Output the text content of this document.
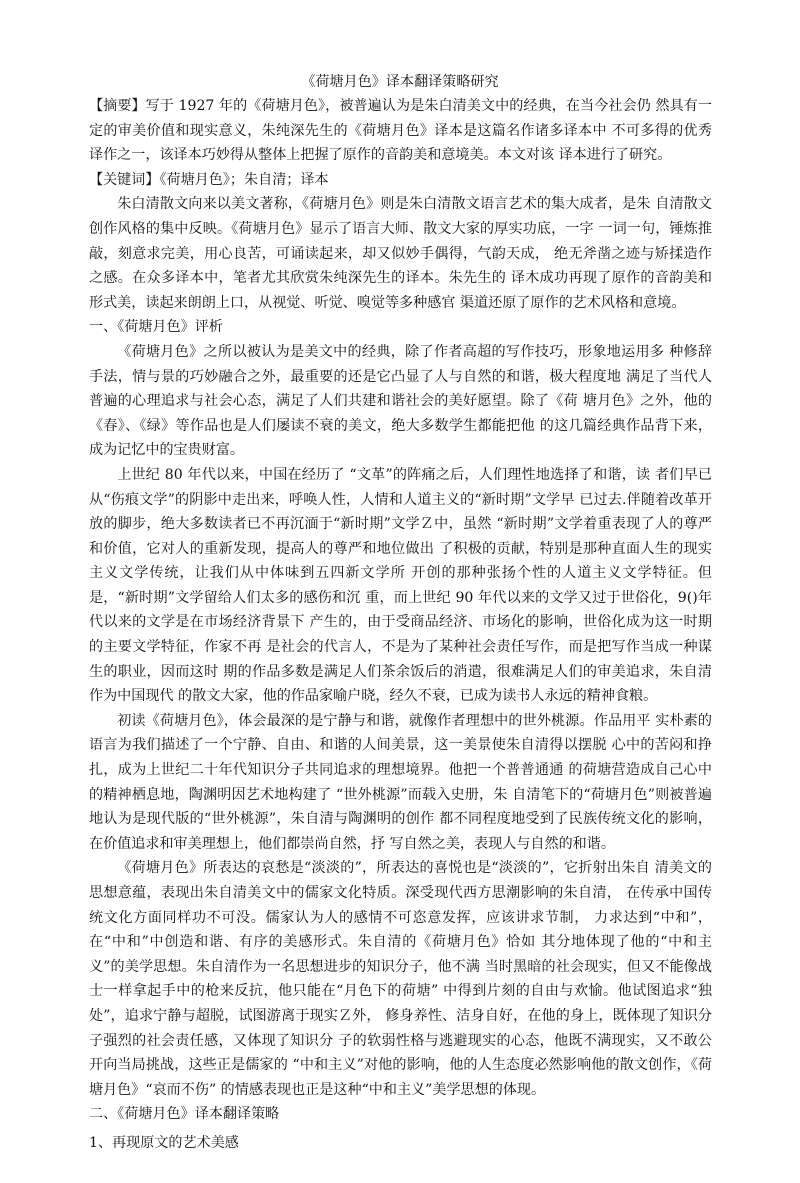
《荷塘月色》译本翻译策略研究

【摘要】写于 1927 年的《荷塘月色》，被普遍认为是朱白清美文中的经典，在当今社会仍 然具有一定的审美价值和现实意义，朱纯深先生的《荷塘月色》译本是这篇名作诸多译本中 不可多得的优秀译作之一，该译本巧妙得从整体上把握了原作的音韵美和意境美。本文对该 译本进行了研究。

【关键词】《荷塘月色》；朱自清；译本

朱白清散文向来以美文著称，《荷塘月色》则是朱白清散文语言艺术的集大成者，是朱 自清散文创作风格的集中反映。《荷塘月色》显示了语言大师、散文大家的厚实功底，一字 一词一句，锤炼推敲，刻意求完美，用心良苦，可诵读起来，却又似妙手偶得，气韵天成， 绝无斧凿之迹与矫揉造作之感。在众多译本中，笔者尤其欣赏朱纯深先生的译本。朱先生的 译木成功再现了原作的音韵美和形式美，读起来朗朗上口，从视觉、听觉、嗅觉等多种感官 渠道还原了原作的艺术风格和意境。

一、《荷塘月色》评析

《荷塘月色》之所以被认为是美文中的经典，除了作者高超的写作技巧，形象地运用多 种修辞手法，情与景的巧妙融合之外，最重要的还是它凸显了人与自然的和谐，极大程度地 满足了当代人普遍的心理追求与社会心态，满足了人们共建和谐社会的美好愿望。除了《荷 塘月色》之外，他的《春》、《绿》等作品也是人们屡读不衰的美文，绝大多数学生都能把他 的这几篇经典作品背下来，成为记忆中的宝贵财富。

上世纪 80 年代以来，中国在经历了 “文革”的阵痛之后，人们理性地选择了和谐，读 者们早已从“伤痕文学”的阴影中走出来，呼唤人性，人情和人道主义的“新时期”文学早 已过去.伴随着改革开放的脚步，绝大多数读者已不再沉湎于“新时期”文学Ｚ中，虽然 “新时期”文学着重表现了人的尊严和价值，它对人的重新发现，提高人的尊严和地位做出 了积极的贡献，特别是那种直面人生的现实主义文学传统，让我们从中体味到五四新文学所 开创的那种张扬个性的人道主义文学特征。但是，“新时期”文学留给人们太多的感伤和沉 重，而上世纪 90 年代以来的文学又过于世俗化，9()年代以来的文学是在市场经济背景下 产生的，由于受商品经济、市场化的影响，世俗化成为这一时期的主要文学特征，作家不再 是社会的代言人，不是为了某种社会责任写作，而是把写作当成一种谋生的职业，因而这时 期的作品多数是满足人们茶余饭后的消遣，很难满足人们的审美追求，朱自清作为中国现代 的散文大家，他的作品家喻户晓，经久不衰，已成为读书人永远的精神食粮。

初读《荷塘月色》，体会最深的是宁静与和谐，就像作者理想中的世外桃源。作品用平 实朴素的语言为我们描述了一个宁静、自由、和谐的人间美景，这一美景使朱自清得以摆脱 心中的苦闷和挣扎，成为上世纪二十年代知识分子共同追求的理想境界。他把一个普普通通 的荷塘营造成自己心中的精神栖息地，陶渊明因艺术地构建了 “世外桃源”而载入史册，朱 自清笔下的“荷塘月色”则被普遍地认为是现代版的“世外桃源”，朱自清与陶渊明的创作 都不同程度地受到了民族传统文化的影响，在价值追求和审美理想上，他们都崇尚自然，抒 写自然之美，表现人与自然的和谐。

《荷塘月色》所表达的哀愁是“淡淡的”，所表达的喜悦也是“淡淡的”，它折射出朱自 清美文的思想意蕴，表现出朱自清美文中的儒家文化特质。深受现代西方思潮影响的朱自清， 在传承中国传统文化方面同样功不可没。儒家认为人的感情不可恣意发挥，应该讲求节制， 力求达到“中和”，在“中和”中创造和谐、有序的美感形式。朱自清的《荷塘月色》恰如 其分地体现了他的“中和主义”的美学思想。朱自清作为一名思想进步的知识分子，他不满 当时黑暗的社会现实，但又不能像战士一样拿起手中的枪来反抗，他只能在“月色下的荷塘” 中得到片刻的自由与欢愉。他试图追求“独处”，追求宁静与超脱，试图游离于现实Ｚ外， 修身养性、洁身自好，在他的身上，既体现了知识分子强烈的社会责任感，又体现了知识分 子的软弱性格与逃避现实的心态，他既不满现实，又不敢公开向当局挑战，这些正是儒家的 “中和主义”对他的影响，他的人生态度必然影响他的散文创作，《荷塘月色》“哀而不伤” 的情感表现也正是这种“中和主义”美学思想的体现。

二、《荷塘月色》译本翻译策略

1、再现原文的艺术美感
